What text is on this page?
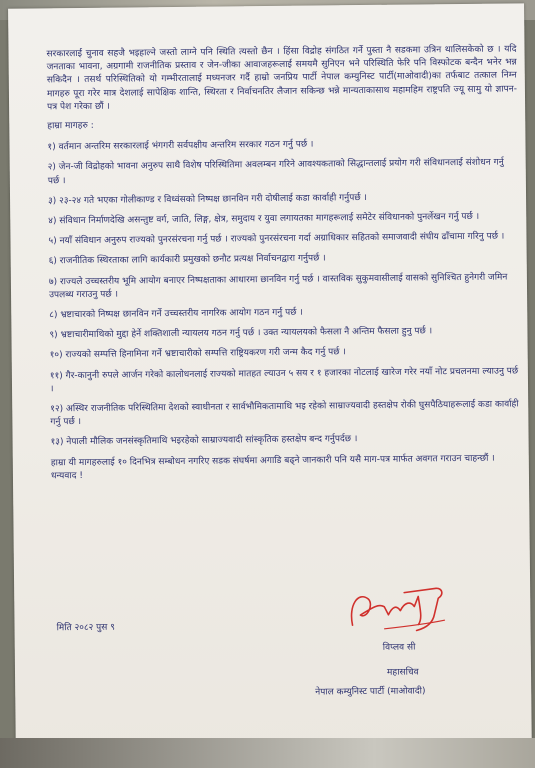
सरकारलाई चुनाव सहजै भइहाल्ने जस्तो लाग्ने पनि स्थिति त्यस्तो छैन । हिंसा विद्रोह संगठित गर्ने पुस्ता नै सडकमा उत्रिन थालिसकेको छ । यदि जनताका भावना, अग्रगामी राजनीतिक प्रस्ताव र जेन-जीका आवाजहरूलाई समयमै सुनिएन भने परिस्थिति फेरि पनि विस्फोटक बन्दैन भनेर भन्न सकिदैन । तसर्थ परिस्थितिको यो गम्भीरतालाई मध्यनजर गर्दै हाम्रो जनप्रिय पार्टी नेपाल कम्युनिस्ट पार्टी(माओवादी)का तर्फबाट तत्काल निम्न मागहरु पूरा गरेर मात्र देशलाई सापेक्षिक शान्ति, स्थिरता र निर्वाचनतिर लैजान सकिन्छ भन्ने मान्यताकासाथ महामहिम राष्ट्रपति ज्यू सामु यो ज्ञापन-पत्र पेश गरेका छौं ।

हाम्रा मागहरु :

१) वर्तमान अन्तरिम सरकारलाई भंगगरी सर्वपक्षीय अन्तरिम सरकार गठन गर्नु पर्छ ।

२) जेन-जी विद्रोहको भावना अनुरुप साथै विशेष परिस्थितिमा अवलम्बन गरिने आवश्यकताको सिद्धान्तलाई प्रयोग गरी संविधानलाई संशोधन गर्नु पर्छ ।

३) २३-२४ गते भएका गोलीकाण्ड र विध्वंसको निष्पक्ष छानविन गरी दोषीलाई कडा कार्वाही गर्नुपर्छ ।

४) संविधान निर्माणदेखि असन्तुष्ट वर्ग, जाति, लिङ्ग, क्षेत्र, समुदाय र युवा लगायतका मागहरूलाई समेटेर संविधानको पुनर्लेखन गर्नु पर्छ ।

५) नयाँ संविधान अनुरुप राज्यको पुनरसंरचना गर्नु पर्छ । राज्यको पुनरसंरचना गर्दा अग्राधिकार सहितको समाजवादी संघीय ढाँचामा गरिनु पर्छ ।

६) राजनीतिक स्थिरताका लागि कार्यकारी प्रमुखको छनौट प्रत्यक्ष निर्वाचनद्वारा गर्नुपर्छ ।

७) राज्यले उच्चस्तरीय भूमि आयोग बनाएर निष्पक्षताका आधारमा छानविन गर्नु पर्छ । वास्तविक सुकुमवासीलाई वासको सुनिश्चित हुनेगरी जमिन उपलब्ध गराउनु पर्छ ।

८) भ्रष्टाचारको निष्पक्ष छानविन गर्ने उच्चस्तरीय नागरिक आयोग गठन गर्नु पर्छ ।

९) भ्रष्टाचारीमाथिको मुद्दा हेर्ने शक्तिशाली न्यायलय गठन गर्नु पर्छ । उक्त न्यायलयको फैसला नै अन्तिम फैसला हुनु पर्छ ।

१०) राज्यको सम्पत्ति हिनामिना गर्ने भ्रष्टाचारीको सम्पत्ति राष्ट्रियकरण गरी जन्म कैद गर्नु पर्छ ।

११) गैर-कानुनी रुपले आर्जन गरेको कालोधनलाई राज्यको मातहत ल्याउन ५ सय र १ हजारका नोटलाई खारेज गरेर नयाँ नोट प्रचलनमा ल्याउनु पर्छ ।

१२) अस्थिर राजनीतिक परिस्थितिमा देशको स्वाधीनता र सार्वभौमिकतामाथि भइ रहेको साम्राज्यवादी हस्तक्षेप रोकी घुसपैठियाहरूलाई कडा कार्वाही गर्नु पर्छ ।

१३) नेपाली मौलिक जनसंस्कृतिमाथि भइरहेको साम्राज्यवादी सांस्कृतिक हस्तक्षेप बन्द गर्नुपर्दछ ।

हाम्रा यी मागहरुलाई १० दिनभित्र सम्बोधन नगरिए सडक संघर्षमा अगाडि बढ्ने जानकारी पनि यसै माग-पत्र मार्फत अवगत गराउन चाहन्छौं । धन्यवाद !

मिति २०८२ पुस ९
विप्लव सी
महासचिव
नेपाल कम्युनिस्ट पार्टी (माओवादी)
